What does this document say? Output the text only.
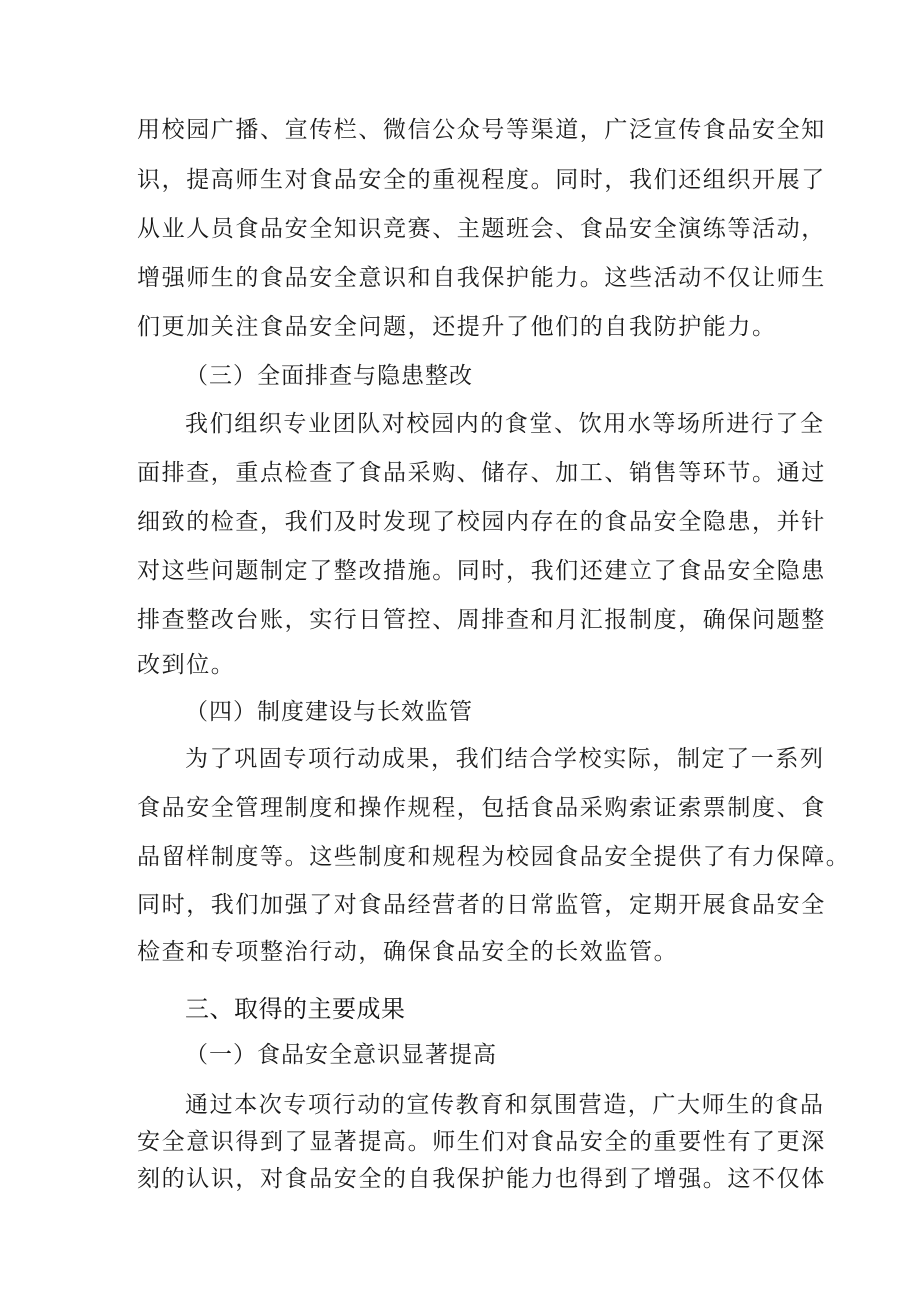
用校园广播、宣传栏、微信公众号等渠道，广泛宣传食品安全知
识，提高师生对食品安全的重视程度。同时，我们还组织开展了
从业人员食品安全知识竞赛、主题班会、食品安全演练等活动，
增强师生的食品安全意识和自我保护能力。这些活动不仅让师生
们更加关注食品安全问题，还提升了他们的自我防护能力。
（三）全面排查与隐患整改
我们组织专业团队对校园内的食堂、饮用水等场所进行了全
面排查，重点检查了食品采购、储存、加工、销售等环节。通过
细致的检查，我们及时发现了校园内存在的食品安全隐患，并针
对这些问题制定了整改措施。同时，我们还建立了食品安全隐患
排查整改台账，实行日管控、周排查和月汇报制度，确保问题整
改到位。
（四）制度建设与长效监管
为了巩固专项行动成果，我们结合学校实际，制定了一系列
食品安全管理制度和操作规程，包括食品采购索证索票制度、食
品留样制度等。这些制度和规程为校园食品安全提供了有力保障。
同时，我们加强了对食品经营者的日常监管，定期开展食品安全
检查和专项整治行动，确保食品安全的长效监管。
三、取得的主要成果
（一）食品安全意识显著提高
通过本次专项行动的宣传教育和氛围营造，广大师生的食品
安全意识得到了显著提高。师生们对食品安全的重要性有了更深
刻的认识，对食品安全的自我保护能力也得到了增强。这不仅体
